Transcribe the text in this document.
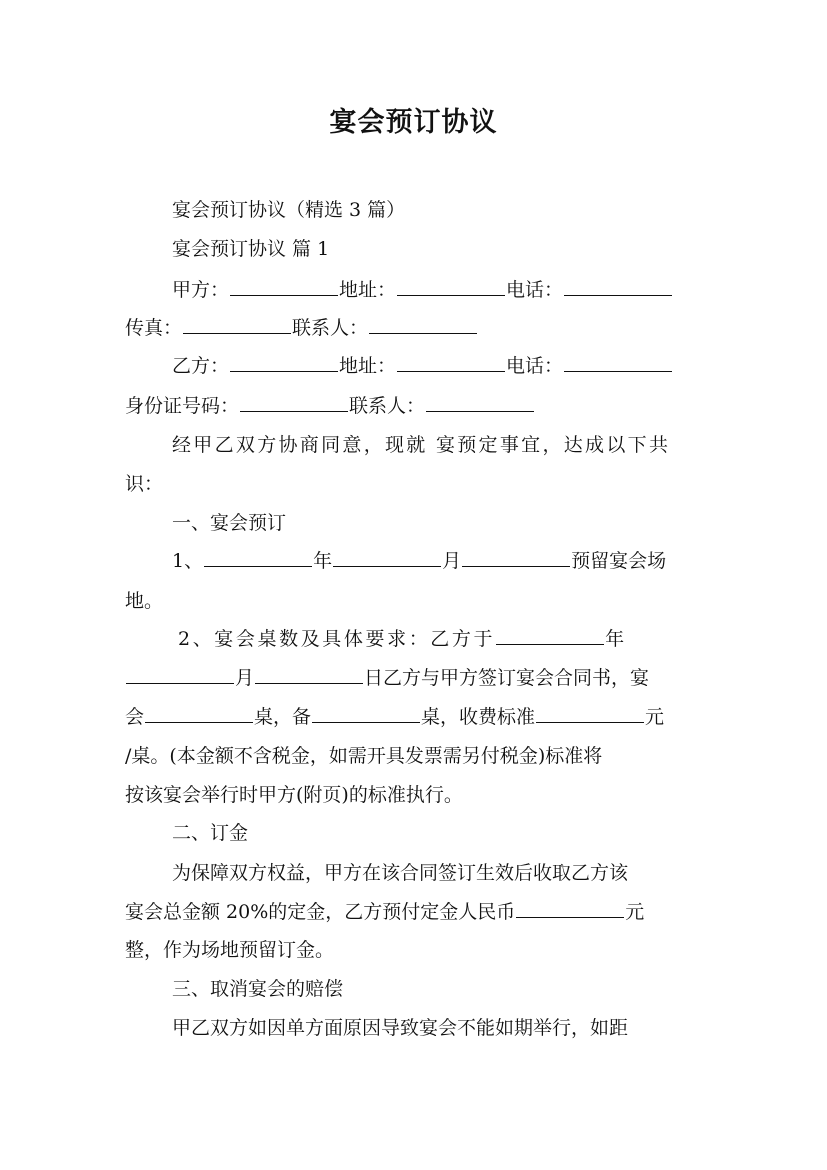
宴会预订协议
宴会预订协议（精选 3 篇）
宴会预订协议 篇 1
甲方：	地址：	电话：
传真：	联系人：
乙方：	地址：	电话：
身份证号码：	联系人：
经甲乙双方协商同意，现就 宴预定事宜，达成以下共
识：
一、宴会预订
1、	年	月	预留宴会场
地。
2、宴会桌数及具体要求：乙方于	年
月	日乙方与甲方签订宴会合同书，宴
会	桌，备	桌，收费标准	元
/桌。(本金额不含税金，如需开具发票需另付税金)标准将
按该宴会举行时甲方(附页)的标准执行。
二、订金
为保障双方权益，甲方在该合同签订生效后收取乙方该
宴会总金额 20%的定金，乙方预付定金人民币	元
整，作为场地预留订金。
三、取消宴会的赔偿
甲乙双方如因单方面原因导致宴会不能如期举行，如距
